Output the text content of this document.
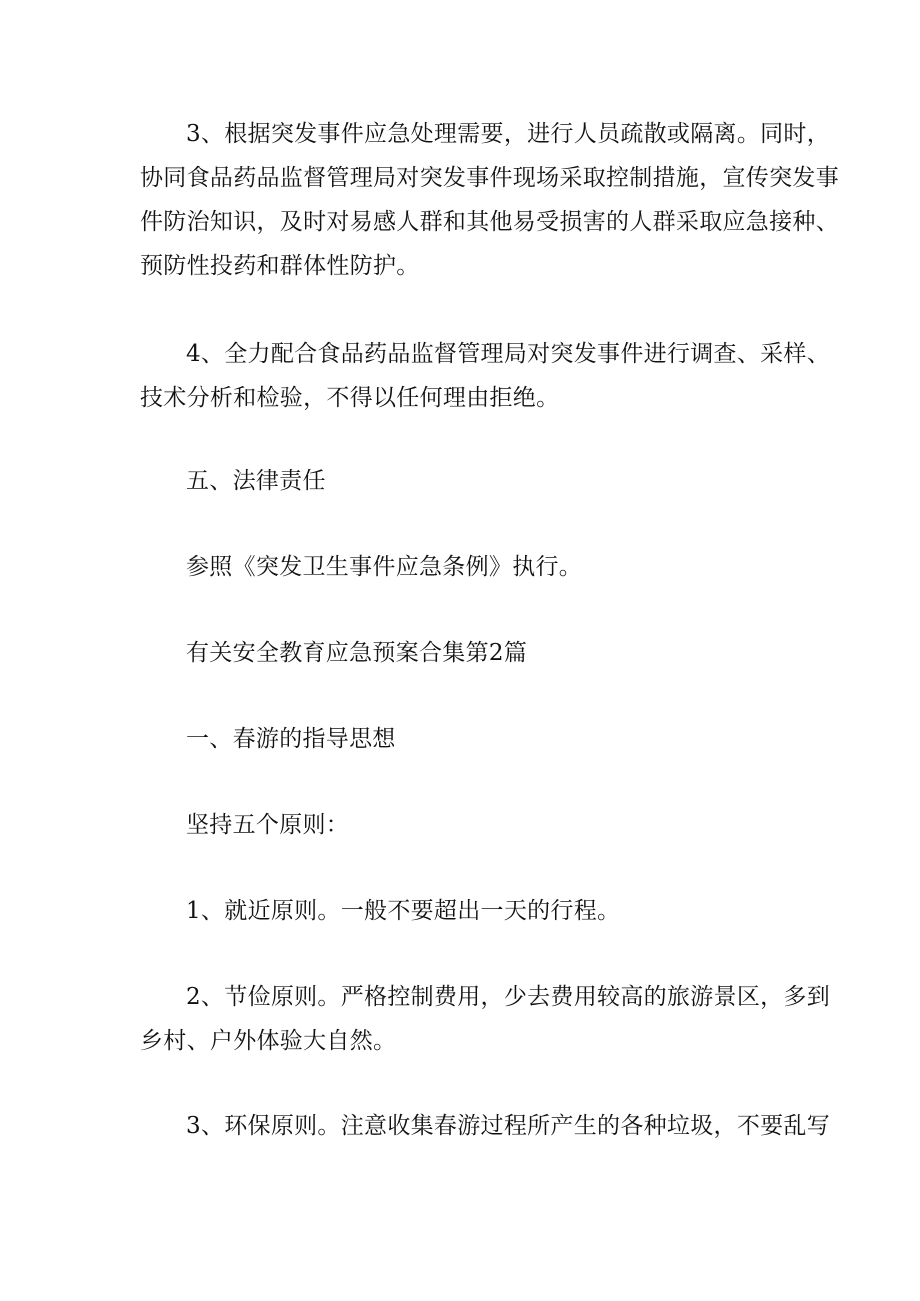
3、根据突发事件应急处理需要，进行人员疏散或隔离。同时，
协同食品药品监督管理局对突发事件现场采取控制措施，宣传突发事
件防治知识，及时对易感人群和其他易受损害的人群采取应急接种、
预防性投药和群体性防护。
4、全力配合食品药品监督管理局对突发事件进行调查、采样、
技术分析和检验，不得以任何理由拒绝。

五、法律责任

参照《突发卫生事件应急条例》执行。

有关安全教育应急预案合集第2篇

一、春游的指导思想

坚持五个原则：

1、就近原则。一般不要超出一天的行程。

2、节俭原则。严格控制费用，少去费用较高的旅游景区，多到
乡村、户外体验大自然。
3、环保原则。注意收集春游过程所产生的各种垃圾，不要乱写
